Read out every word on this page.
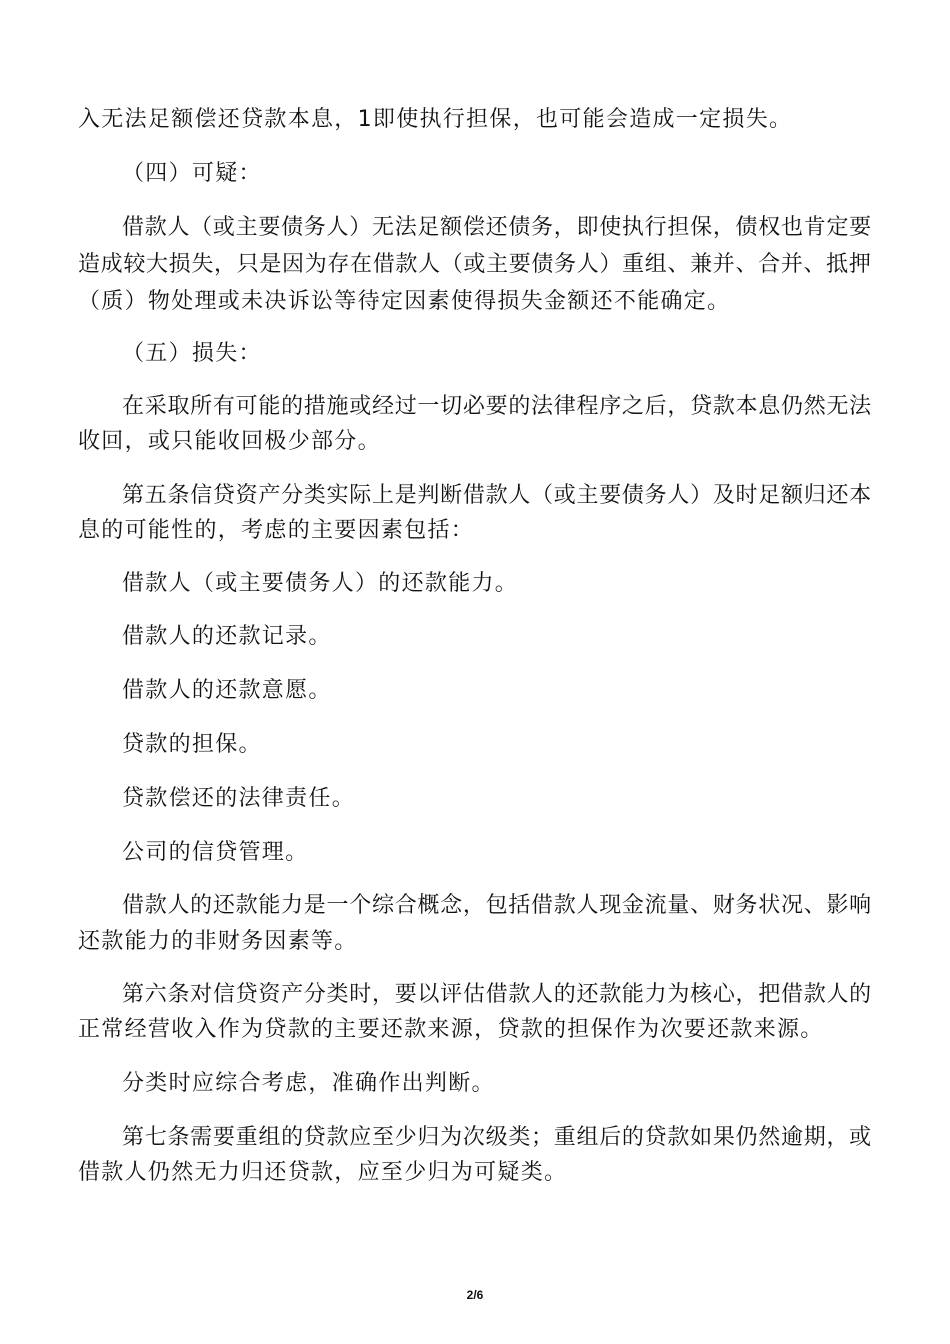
入无法足额偿还贷款本息，1即使执行担保，也可能会造成一定损失。
（四）可疑：
借款人（或主要债务人）无法足额偿还债务，即使执行担保，债权也肯定要
造成较大损失，只是因为存在借款人（或主要债务人）重组、兼并、合并、抵押
（质）物处理或未决诉讼等待定因素使得损失金额还不能确定。
（五）损失：
在采取所有可能的措施或经过一切必要的法律程序之后，贷款本息仍然无法
收回，或只能收回极少部分。
第五条信贷资产分类实际上是判断借款人（或主要债务人）及时足额归还本
息的可能性的，考虑的主要因素包括：
借款人（或主要债务人）的还款能力。
借款人的还款记录。
借款人的还款意愿。
贷款的担保。
贷款偿还的法律责任。
公司的信贷管理。
借款人的还款能力是一个综合概念，包括借款人现金流量、财务状况、影响
还款能力的非财务因素等。
第六条对信贷资产分类时，要以评估借款人的还款能力为核心，把借款人的
正常经营收入作为贷款的主要还款来源，贷款的担保作为次要还款来源。
分类时应综合考虑，准确作出判断。
第七条需要重组的贷款应至少归为次级类；重组后的贷款如果仍然逾期，或
借款人仍然无力归还贷款，应至少归为可疑类。
2/6
